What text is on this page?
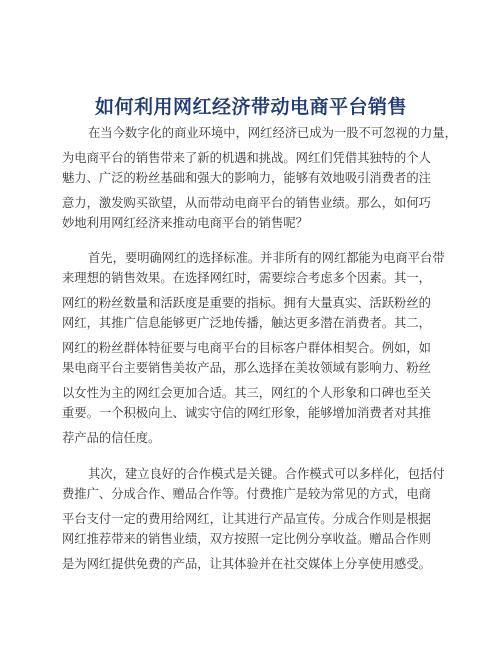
如何利用网红经济带动电商平台销售
在当今数字化的商业环境中，网红经济已成为一股不可忽视的力量，
为电商平台的销售带来了新的机遇和挑战。网红们凭借其独特的个人
魅力、广泛的粉丝基础和强大的影响力，能够有效地吸引消费者的注
意力，激发购买欲望，从而带动电商平台的销售业绩。那么，如何巧
妙地利用网红经济来推动电商平台的销售呢？
首先，要明确网红的选择标准。并非所有的网红都能为电商平台带
来理想的销售效果。在选择网红时，需要综合考虑多个因素。其一，
网红的粉丝数量和活跃度是重要的指标。拥有大量真实、活跃粉丝的
网红，其推广信息能够更广泛地传播，触达更多潜在消费者。其二，
网红的粉丝群体特征要与电商平台的目标客户群体相契合。例如，如
果电商平台主要销售美妆产品，那么选择在美妆领域有影响力、粉丝
以女性为主的网红会更加合适。其三，网红的个人形象和口碑也至关
重要。一个积极向上、诚实守信的网红形象，能够增加消费者对其推
荐产品的信任度。
其次，建立良好的合作模式是关键。合作模式可以多样化，包括付
费推广、分成合作、赠品合作等。付费推广是较为常见的方式，电商
平台支付一定的费用给网红，让其进行产品宣传。分成合作则是根据
网红推荐带来的销售业绩，双方按照一定比例分享收益。赠品合作则
是为网红提供免费的产品，让其体验并在社交媒体上分享使用感受。
